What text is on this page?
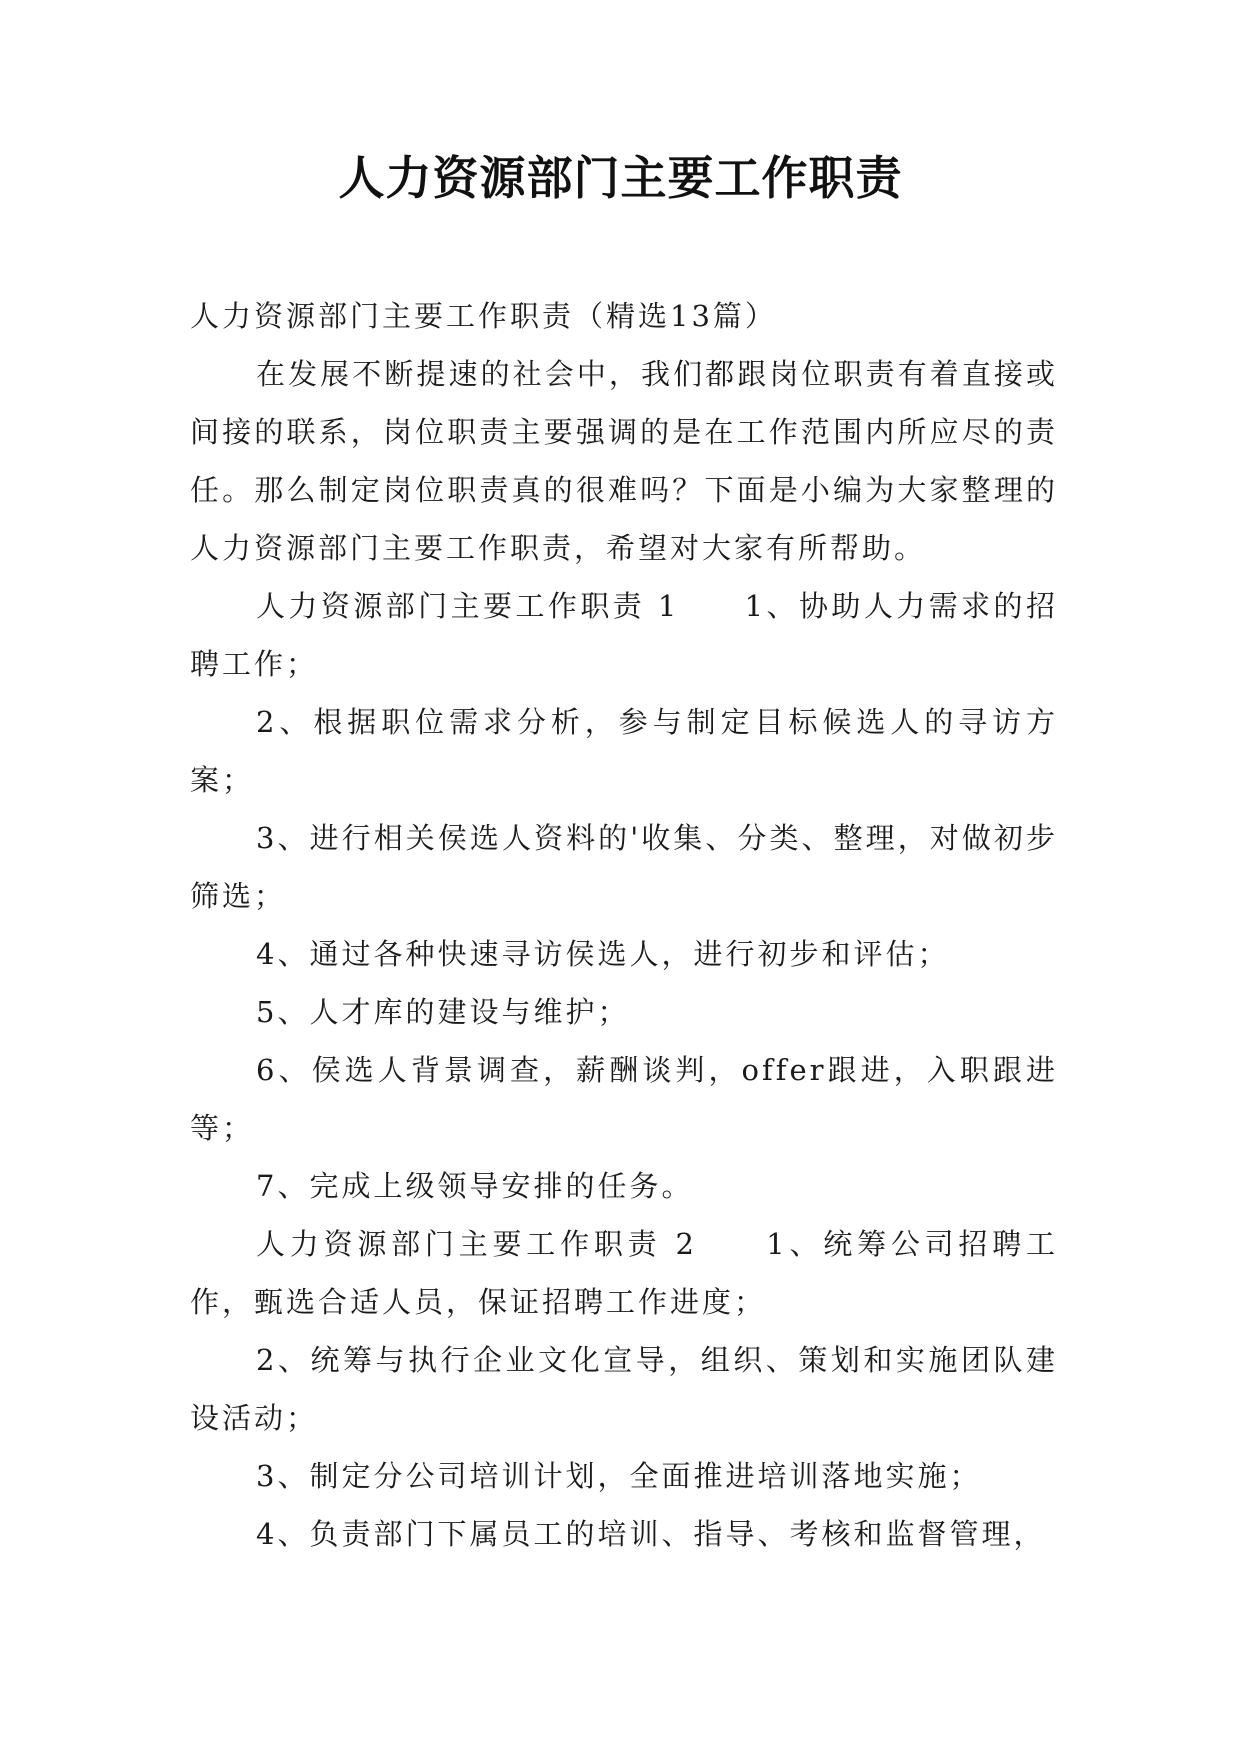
人力资源部门主要工作职责

人力资源部门主要工作职责（精选13篇）

在发展不断提速的社会中，我们都跟岗位职责有着直接或间接的联系，岗位职责主要强调的是在工作范围内所应尽的责任。那么制定岗位职责真的很难吗？下面是小编为大家整理的人力资源部门主要工作职责，希望对大家有所帮助。

人力资源部门主要工作职责 1　　1、协助人力需求的招聘工作；

2、根据职位需求分析，参与制定目标候选人的寻访方案；

3、进行相关侯选人资料的'收集、分类、整理，对做初步筛选；

4、通过各种快速寻访侯选人，进行初步和评估；

5、人才库的建设与维护；

6、侯选人背景调查，薪酬谈判，offer跟进，入职跟进等；

7、完成上级领导安排的任务。

人力资源部门主要工作职责 2　　1、统筹公司招聘工作，甄选合适人员，保证招聘工作进度；

2、统筹与执行企业文化宣导，组织、策划和实施团队建设活动；

3、制定分公司培训计划，全面推进培训落地实施；

4、负责部门下属员工的培训、指导、考核和监督管理，
